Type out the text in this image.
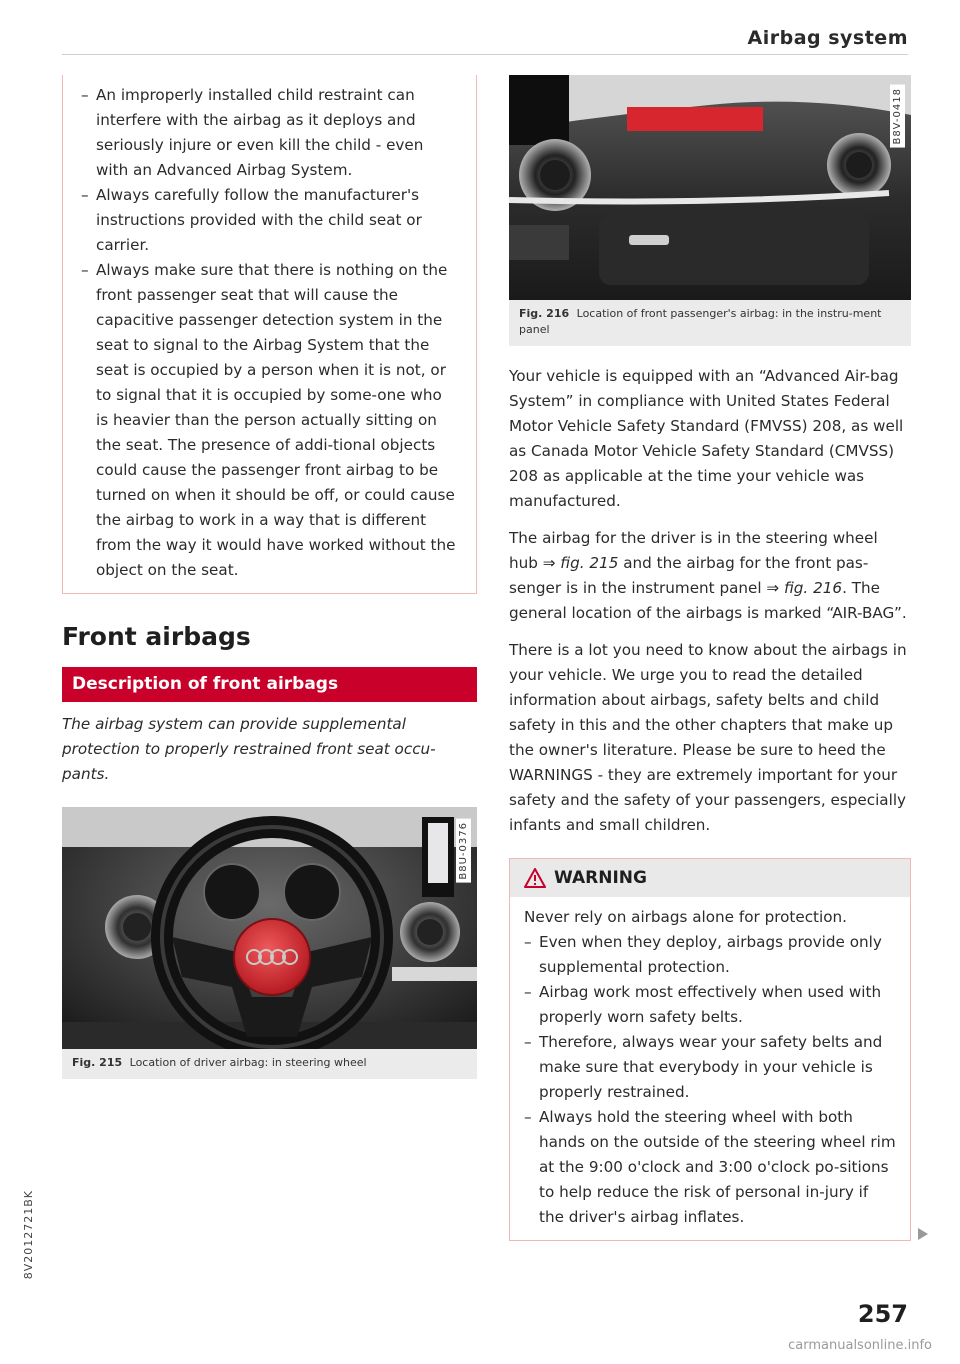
Airbag system
– An improperly installed child restraint can interfere with the airbag as it deploys and seriously injure or even kill the child - even with an Advanced Airbag System.
– Always carefully follow the manufacturer's instructions provided with the child seat or carrier.
– Always make sure that there is nothing on the front passenger seat that will cause the capacitive passenger detection system in the seat to signal to the Airbag System that the seat is occupied by a person when it is not, or to signal that it is occupied by some-one who is heavier than the person actually sitting on the seat. The presence of addi-tional objects could cause the passenger front airbag to be turned on when it should be off, or could cause the airbag to work in a way that is different from the way it would have worked without the object on the seat.
Front airbags
Description of front airbags
The airbag system can provide supplemental protection to properly restrained front seat occu-pants.
B8U-0376
Fig. 215 Location of driver airbag: in steering wheel
B8V-0418
Fig. 216 Location of front passenger's airbag: in the instru-ment panel

Your vehicle is equipped with an “Advanced Air-bag System” in compliance with United States Federal Motor Vehicle Safety Standard (FMVSS) 208, as well as Canada Motor Vehicle Safety Standard (CMVSS) 208 as applicable at the time your vehicle was manufactured.

The airbag for the driver is in the steering wheel hub ⇒ fig. 215 and the airbag for the front pas-senger is in the instrument panel ⇒ fig. 216. The general location of the airbags is marked “AIR-BAG”.

There is a lot you need to know about the airbags in your vehicle. We urge you to read the detailed information about airbags, safety belts and child safety in this and the other chapters that make up the owner's literature. Please be sure to heed the WARNINGS - they are extremely important for your safety and the safety of your passengers, especially infants and small children.

WARNING
Never rely on airbags alone for protection.
– Even when they deploy, airbags provide only supplemental protection.
– Airbag work most effectively when used with properly worn safety belts.
– Therefore, always wear your safety belts and make sure that everybody in your vehicle is properly restrained.
– Always hold the steering wheel with both hands on the outside of the steering wheel rim at the 9:00 o'clock and 3:00 o'clock po-sitions to help reduce the risk of personal in-jury if the driver's airbag inflates.
257
8V2012721BK
carmanualsonline.info
